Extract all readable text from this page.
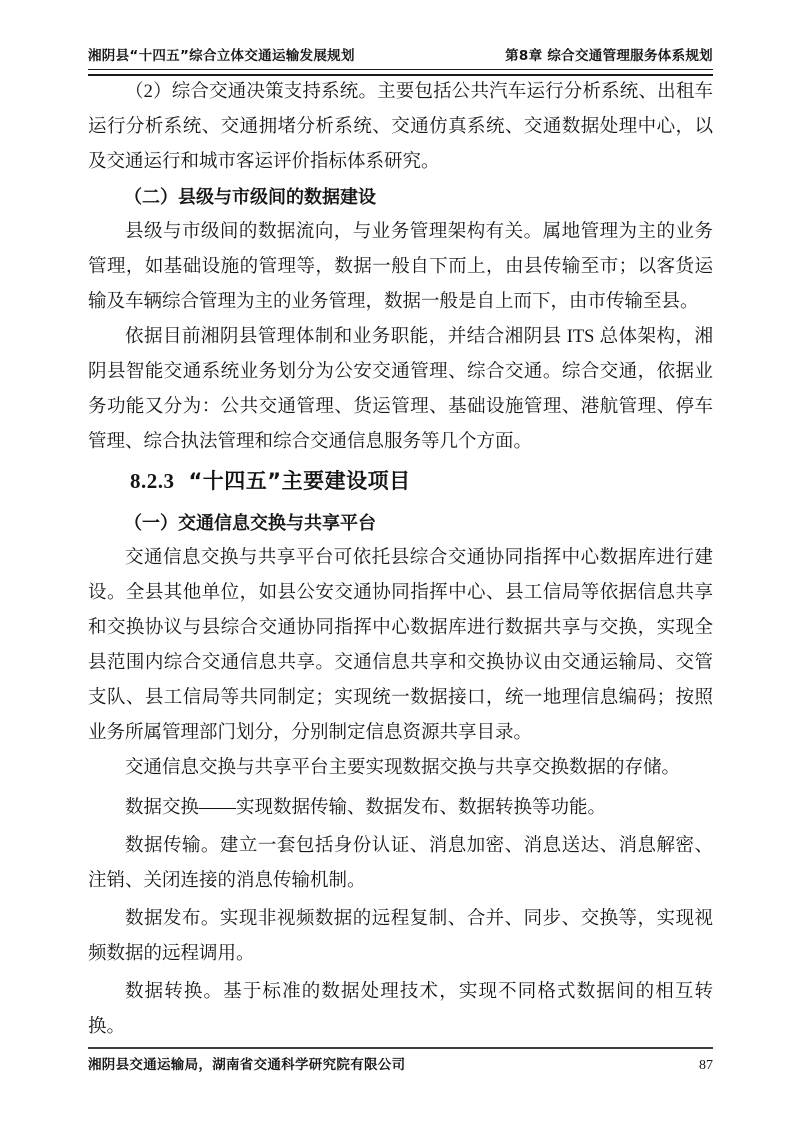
湘阴县“十四五”综合立体交通运输发展规划	第8章 综合交通管理服务体系规划

（2）综合交通决策支持系统。主要包括公共汽车运行分析系统、出租车运行分析系统、交通拥堵分析系统、交通仿真系统、交通数据处理中心，以及交通运行和城市客运评价指标体系研究。

（二）县级与市级间的数据建设

县级与市级间的数据流向，与业务管理架构有关。属地管理为主的业务管理，如基础设施的管理等，数据一般自下而上，由县传输至市；以客货运输及车辆综合管理为主的业务管理，数据一般是自上而下，由市传输至县。

依据目前湘阴县管理体制和业务职能，并结合湘阴县 ITS 总体架构，湘阴县智能交通系统业务划分为公安交通管理、综合交通。综合交通，依据业务功能又分为：公共交通管理、货运管理、基础设施管理、港航管理、停车管理、综合执法管理和综合交通信息服务等几个方面。

8.2.3 “十四五”主要建设项目

（一）交通信息交换与共享平台

交通信息交换与共享平台可依托县综合交通协同指挥中心数据库进行建设。全县其他单位，如县公安交通协同指挥中心、县工信局等依据信息共享和交换协议与县综合交通协同指挥中心数据库进行数据共享与交换，实现全县范围内综合交通信息共享。交通信息共享和交换协议由交通运输局、交管支队、县工信局等共同制定；实现统一数据接口，统一地理信息编码；按照业务所属管理部门划分，分别制定信息资源共享目录。

交通信息交换与共享平台主要实现数据交换与共享交换数据的存储。

数据交换——实现数据传输、数据发布、数据转换等功能。

数据传输。建立一套包括身份认证、消息加密、消息送达、消息解密、注销、关闭连接的消息传输机制。

数据发布。实现非视频数据的远程复制、合并、同步、交换等，实现视频数据的远程调用。

数据转换。基于标准的数据处理技术，实现不同格式数据间的相互转换。

湘阴县交通运输局，湖南省交通科学研究院有限公司	87
